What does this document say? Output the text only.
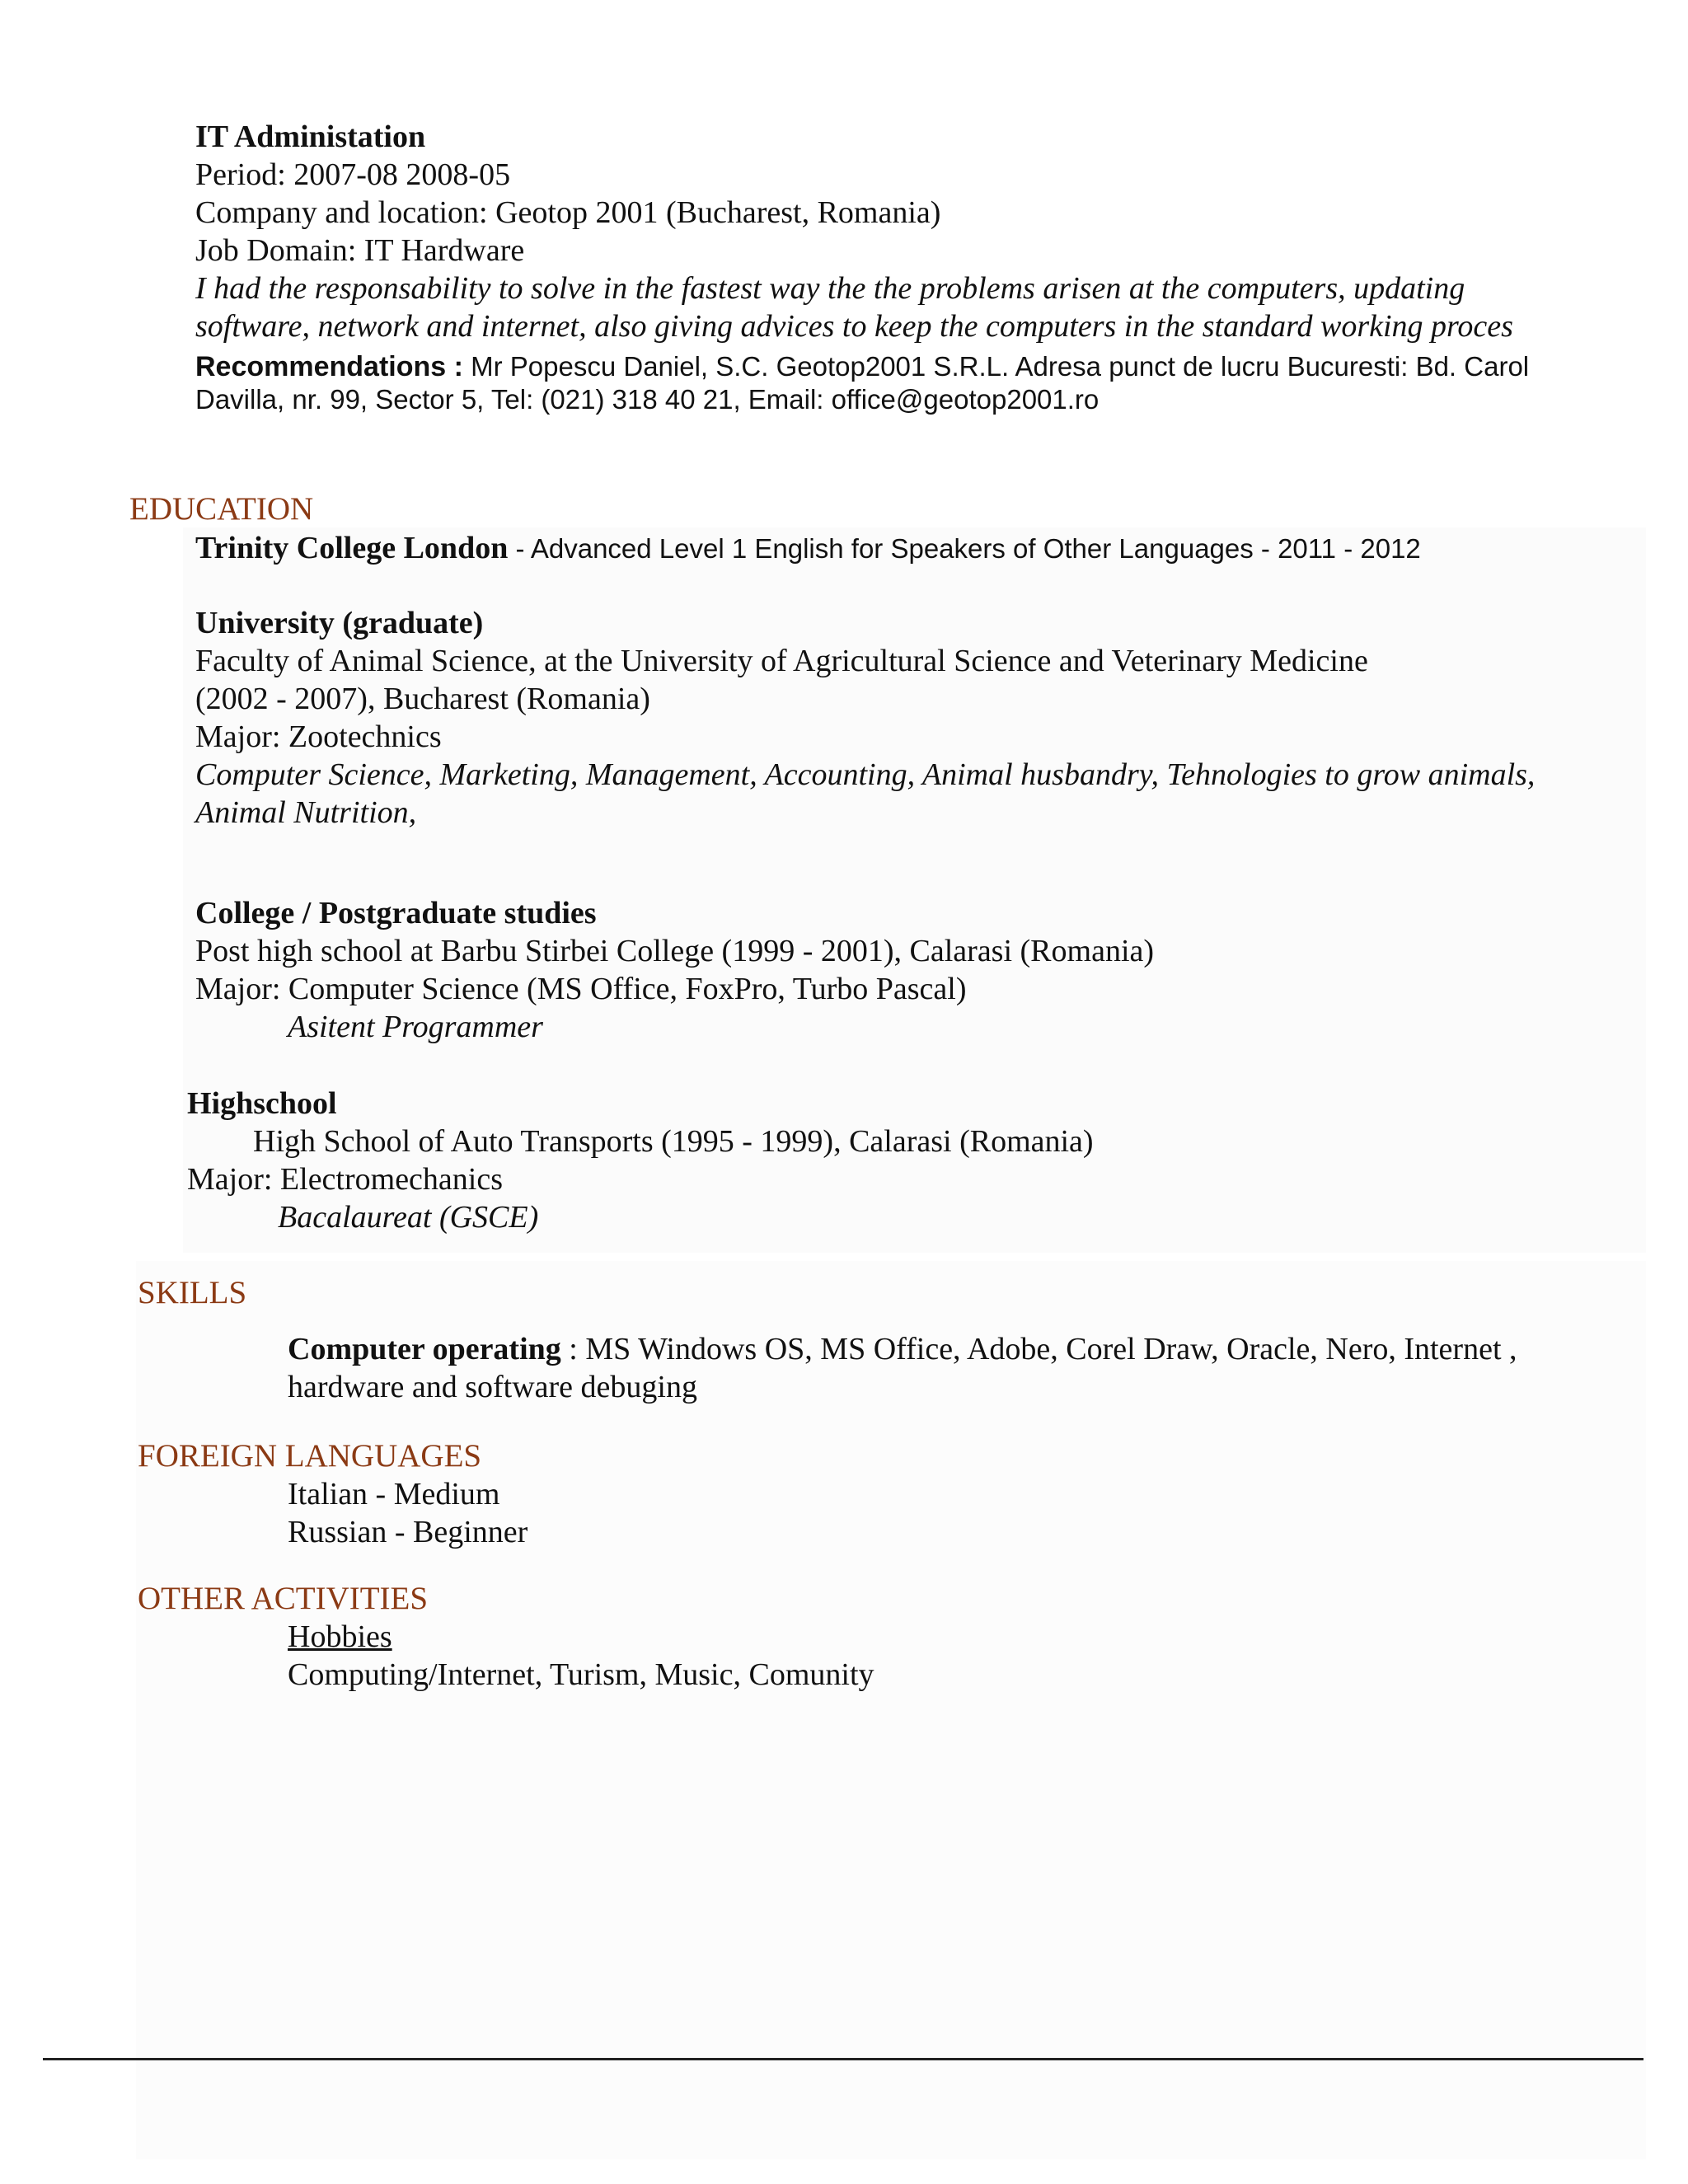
IT Administation
Period: 2007-08 2008-05
Company and location: Geotop 2001 (Bucharest, Romania)
Job Domain: IT Hardware
I had the responsability to solve in the fastest way the the problems arisen at the computers, updating
software, network and internet, also giving advices to keep the computers in the standard working proces
Recommendations : Mr Popescu Daniel, S.C. Geotop2001 S.R.L. Adresa punct de lucru Bucuresti: Bd. Carol
Davilla, nr. 99, Sector 5, Tel: (021) 318 40 21, Email: office@geotop2001.ro
EDUCATION
Trinity College London - Advanced Level 1 English for Speakers of Other Languages - 2011 - 2012
University (graduate)
Faculty of Animal Science, at the University of Agricultural Science and Veterinary Medicine
(2002 - 2007), Bucharest (Romania)
Major: Zootechnics
Computer Science, Marketing, Management, Accounting, Animal husbandry, Tehnologies to grow animals,
Animal Nutrition,
College / Postgraduate studies
Post high school at Barbu Stirbei College (1999 - 2001), Calarasi (Romania)
Major: Computer Science (MS Office, FoxPro, Turbo Pascal)
Asitent Programmer
Highschool
High School of Auto Transports (1995 - 1999), Calarasi (Romania)
Major: Electromechanics
Bacalaureat (GSCE)
SKILLS
Computer operating : MS Windows OS, MS Office, Adobe, Corel Draw, Oracle, Nero, Internet ,
hardware and software debuging
FOREIGN LANGUAGES
Italian - Medium
Russian - Beginner
OTHER ACTIVITIES
Hobbies
Computing/Internet, Turism, Music, Comunity
